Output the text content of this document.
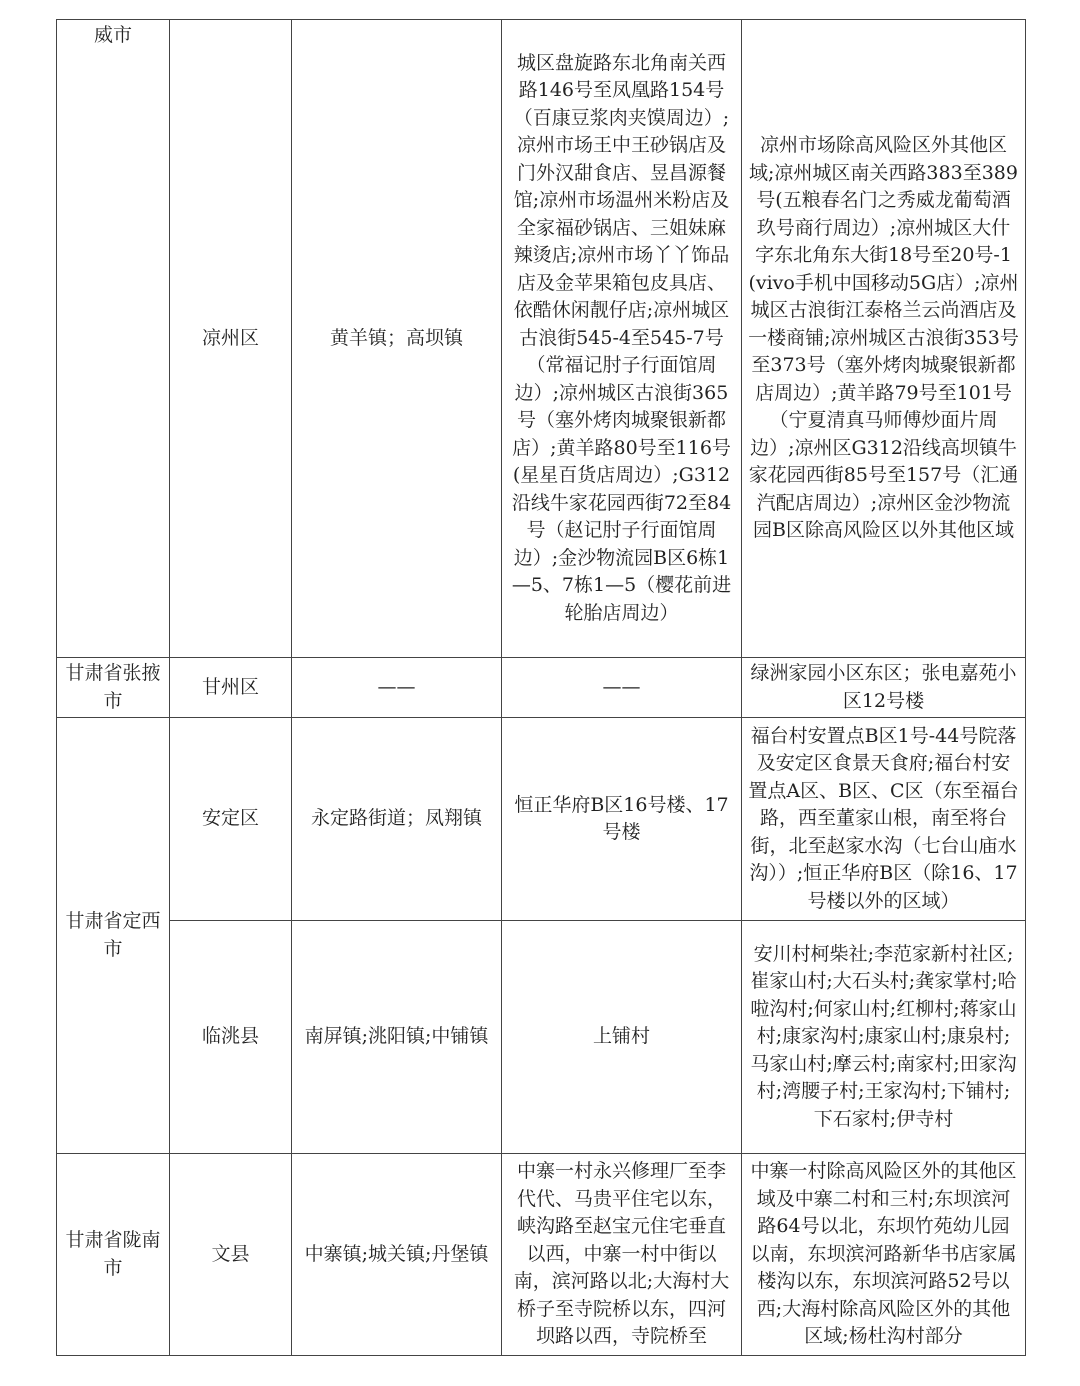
威市	凉州区	黄羊镇；高坝镇	城区盘旋路东北角南关西路146号至凤凰路154号（百康豆浆肉夹馍周边）;凉州市场王中王砂锅店及门外汉甜食店、昱昌源餐馆;凉州市场温州米粉店及全家福砂锅店、三姐妹麻辣烫店;凉州市场丫丫饰品店及金苹果箱包皮具店、依酷休闲靓仔店;凉州城区古浪街545-4至545-7号（常福记肘子行面馆周边）;凉州城区古浪街365号（塞外烤肉城聚银新都店）;黄羊路80号至116号(星星百货店周边）;G312沿线牛家花园西街72至84号（赵记肘子行面馆周边）;金沙物流园B区6栋1—5、7栋1—5（樱花前进轮胎店周边）	凉州市场除高风险区外其他区域;凉州城区南关西路383至389号(五粮春名门之秀威龙葡萄酒玖号商行周边）;凉州城区大什字东北角东大街18号至20号-1(vivo手机中国移动5G店）;凉州城区古浪街江泰格兰云尚酒店及一楼商铺;凉州城区古浪街353号至373号（塞外烤肉城聚银新都店周边）;黄羊路79号至101号（宁夏清真马师傅炒面片周边）;凉州区G312沿线高坝镇牛家花园西街85号至157号（汇通汽配店周边）;凉州区金沙物流园B区除高风险区以外其他区域
甘肃省张掖市	甘州区	——	——	绿洲家园小区东区；张电嘉苑小区12号楼
甘肃省定西市	安定区	永定路街道；凤翔镇	恒正华府B区16号楼、17号楼	福台村安置点B区1号-44号院落及安定区食景天食府;福台村安置点A区、B区、C区（东至福台路，西至董家山根，南至将台街，北至赵家水沟（七台山庙水沟））;恒正华府B区（除16、17号楼以外的区域）
	临洮县	南屏镇;洮阳镇;中铺镇	上铺村	安川村柯柴社;李范家新村社区;崔家山村;大石头村;龚家掌村;哈啦沟村;何家山村;红柳村;蒋家山村;康家沟村;康家山村;康泉村;马家山村;摩云村;南家村;田家沟村;湾腰子村;王家沟村;下铺村;下石家村;伊寺村
甘肃省陇南市	文县	中寨镇;城关镇;丹堡镇	中寨一村永兴修理厂至李代代、马贵平住宅以东，峡沟路至赵宝元住宅垂直以西，中寨一村中街以南，滨河路以北;大海村大桥子至寺院桥以东，四河坝路以西，寺院桥至	中寨一村除高风险区外的其他区域及中寨二村和三村;东坝滨河路64号以北，东坝竹苑幼儿园以南，东坝滨河路新华书店家属楼沟以东，东坝滨河路52号以西;大海村除高风险区外的其他区域;杨杜沟村部分
